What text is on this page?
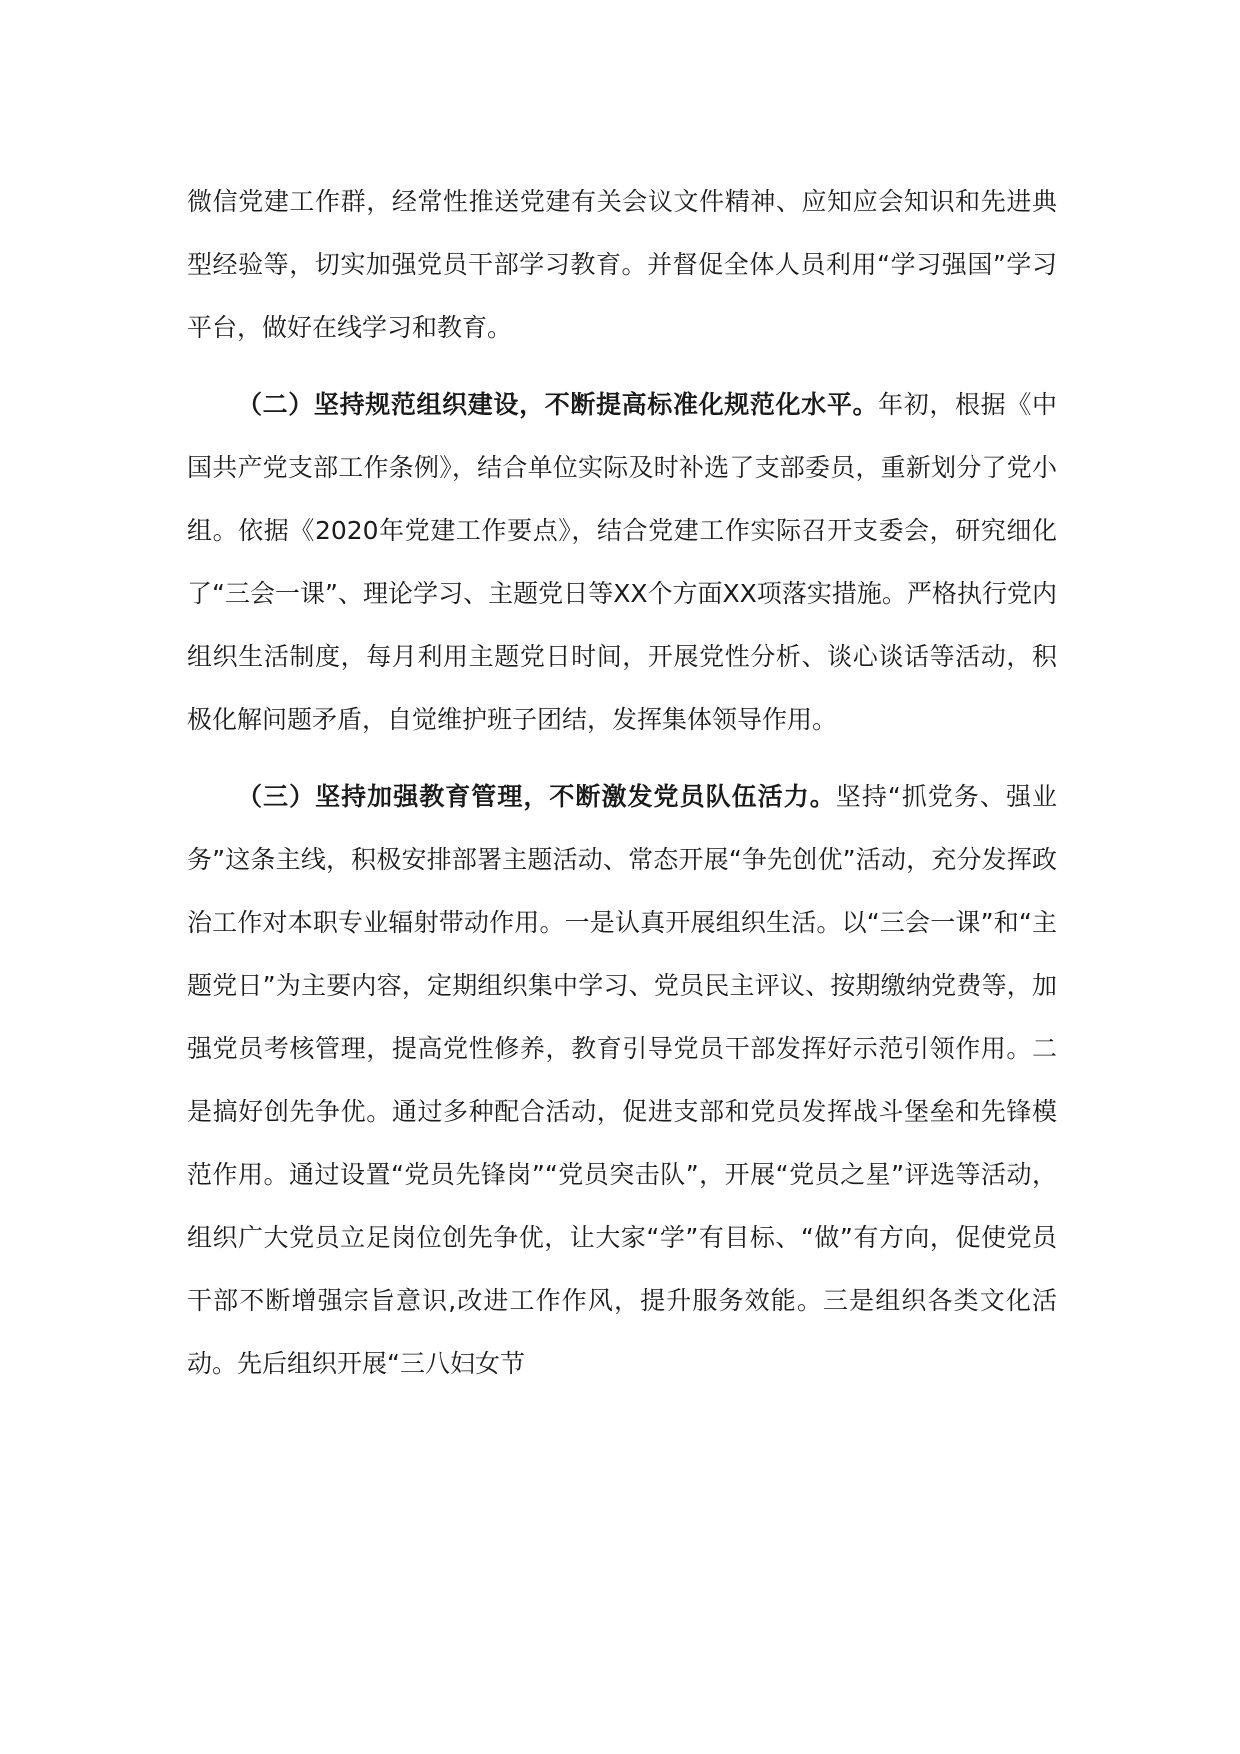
微信党建工作群，经常性推送党建有关会议文件精神、应知应会知识和先进典型经验等，切实加强党员干部学习教育。并督促全体人员利用“学习强国”学习平台，做好在线学习和教育。

（二）坚持规范组织建设，不断提高标准化规范化水平。年初，根据《中国共产党支部工作条例》，结合单位实际及时补选了支部委员，重新划分了党小组。依据《2020年党建工作要点》，结合党建工作实际召开支委会，研究细化了“三会一课”、理论学习、主题党日等XX个方面XX项落实措施。严格执行党内组织生活制度，每月利用主题党日时间，开展党性分析、谈心谈话等活动，积极化解问题矛盾，自觉维护班子团结，发挥集体领导作用。

（三）坚持加强教育管理，不断激发党员队伍活力。坚持“抓党务、强业务”这条主线，积极安排部署主题活动、常态开展“争先创优”活动，充分发挥政治工作对本职专业辐射带动作用。一是认真开展组织生活。以“三会一课”和“主题党日”为主要内容，定期组织集中学习、党员民主评议、按期缴纳党费等，加强党员考核管理，提高党性修养，教育引导党员干部发挥好示范引领作用。二是搞好创先争优。通过多种配合活动，促进支部和党员发挥战斗堡垒和先锋模范作用。通过设置“党员先锋岗”“党员突击队”，开展“党员之星”评选等活动，组织广大党员立足岗位创先争优，让大家“学”有目标、“做”有方向，促使党员干部不断增强宗旨意识,改进工作作风，提升服务效能。三是组织各类文化活动。先后组织开展“三八妇女节
